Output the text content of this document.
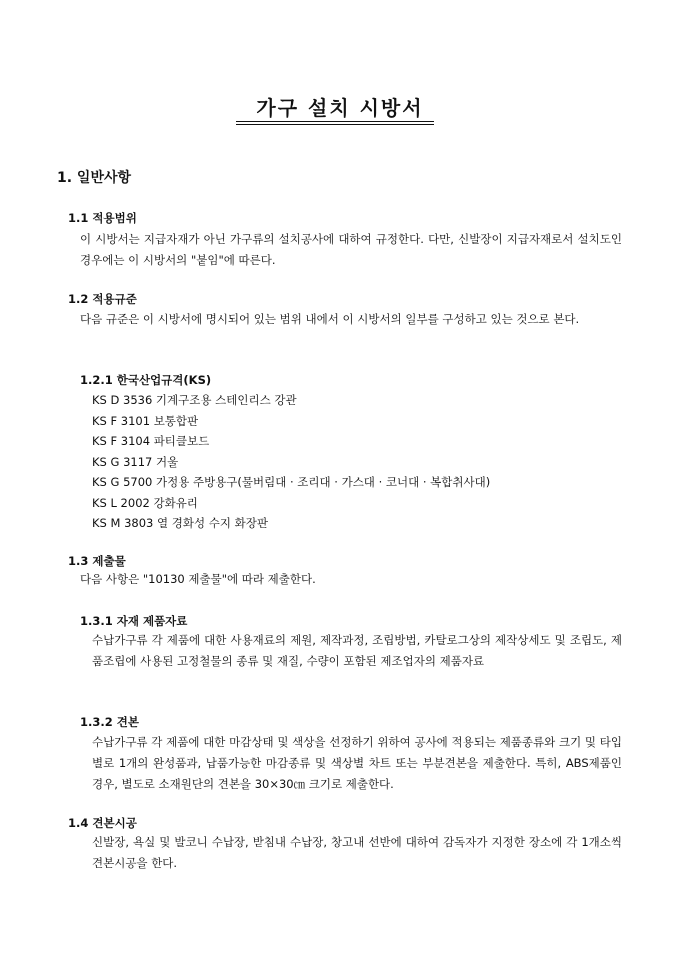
가구 설치 시방서
1. 일반사항
1.1 적용범위
이 시방서는 지급자재가 아닌 가구류의 설치공사에 대하여 규정한다. 다만, 신발장이 지급자재로서 설치도인 경우에는 이 시방서의 "붙임"에 따른다.
1.2 적용규준
다음 규준은 이 시방서에 명시되어 있는 범위 내에서 이 시방서의 일부를 구성하고 있는 것으로 본다.
1.2.1 한국산업규격(KS)
KS D 3536 기계구조용 스테인리스 강관
KS F 3101 보통합판
KS F 3104 파티클보드
KS G 3117 거울
KS G 5700 가정용 주방용구(물버림대 · 조리대 · 가스대 · 코너대 · 복합취사대)
KS L 2002 강화유리
KS M 3803 열 경화성 수지 화장판
1.3 제출물
다음 사항은 "10130 제출물"에 따라 제출한다.
1.3.1 자재 제품자료
수납가구류 각 제품에 대한 사용재료의 제원, 제작과정, 조립방법, 카탈로그상의 제작상세도 및 조립도, 제품조립에 사용된 고정철물의 종류 및 재질, 수량이 포함된 제조업자의 제품자료
1.3.2 견본
수납가구류 각 제품에 대한 마감상태 및 색상을 선정하기 위하여 공사에 적용되는 제품종류와 크기 및 타입별로 1개의 완성품과, 납품가능한 마감종류 및 색상별 차트 또는 부분견본을 제출한다. 특히, ABS제품인 경우, 별도로 소재원단의 견본을 30×30㎝ 크기로 제출한다.
1.4 견본시공
신발장, 욕실 및 발코니 수납장, 받침내 수납장, 창고내 선반에 대하여 감독자가 지정한 장소에 각 1개소씩 견본시공을 한다.
